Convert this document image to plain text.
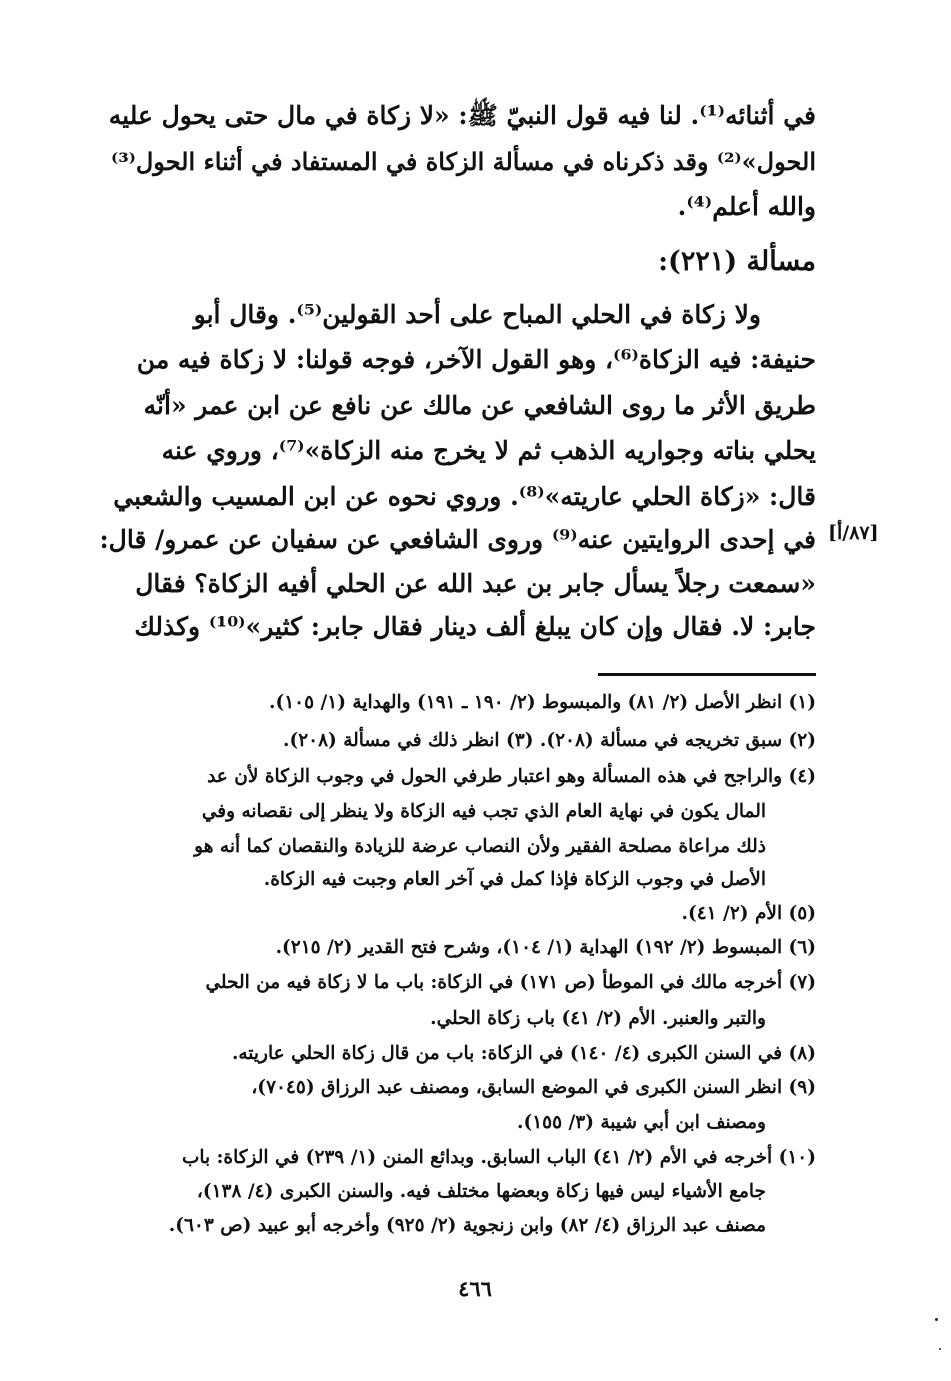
في أثنائه⁽¹⁾. لنا فيه قول النبيّ ﷺ: «لا زكاة في مال حتى يحول عليه
الحول»⁽²⁾ وقد ذكرناه في مسألة الزكاة في المستفاد في أثناء الحول⁽³⁾
والله أعلم⁽⁴⁾.
مسألة (٢٢١):
ولا زكاة في الحلي المباح على أحد القولين⁽⁵⁾. وقال أبو
حنيفة: فيه الزكاة⁽⁶⁾، وهو القول الآخر، فوجه قولنا: لا زكاة فيه من
طريق الأثر ما روى الشافعي عن مالك عن نافع عن ابن عمر «أنّه
يحلي بناته وجواريه الذهب ثم لا يخرج منه الزكاة»⁽⁷⁾، وروي عنه
قال: «زكاة الحلي عاريته»⁽⁸⁾. وروي نحوه عن ابن المسيب والشعبي
في إحدى الروايتين عنه⁽⁹⁾ وروى الشافعي عن سفيان عن عمرو/ قال:
«سمعت رجلاً يسأل جابر بن عبد الله عن الحلي أفيه الزكاة؟ فقال
جابر: لا. فقال وإن كان يبلغ ألف دينار فقال جابر: كثير»⁽¹⁰⁾ وكذلك
[٨٧/أ]
(١) انظر الأصل (٢/ ٨١) والمبسوط (٢/ ١٩٠ ـ ١٩١) والهداية (١/ ١٠٥).
(٢) سبق تخريجه في مسألة (٢٠٨). (٣) انظر ذلك في مسألة (٢٠٨).
(٤) والراجح في هذه المسألة وهو اعتبار طرفي الحول في وجوب الزكاة لأن عد
المال يكون في نهاية العام الذي تجب فيه الزكاة ولا ينظر إلى نقصانه وفي
ذلك مراعاة مصلحة الفقير ولأن النصاب عرضة للزيادة والنقصان كما أنه هو
الأصل في وجوب الزكاة فإذا كمل في آخر العام وجبت فيه الزكاة.
(٥) الأم (٢/ ٤١).
(٦) المبسوط (٢/ ١٩٢) الهداية (١/ ١٠٤)، وشرح فتح القدير (٢/ ٢١٥).
(٧) أخرجه مالك في الموطأ (ص ١٧١) في الزكاة: باب ما لا زكاة فيه من الحلي
والتبر والعنبر. الأم (٢/ ٤١) باب زكاة الحلي.
(٨) في السنن الكبرى (٤/ ١٤٠) في الزكاة: باب من قال زكاة الحلي عاريته.
(٩) انظر السنن الكبرى في الموضع السابق، ومصنف عبد الرزاق (٧٠٤٥)،
ومصنف ابن أبي شيبة (٣/ ١٥٥).
(١٠) أخرجه في الأم (٢/ ٤١) الباب السابق. وبدائع المنن (١/ ٢٣٩) في الزكاة: باب
جامع الأشياء ليس فيها زكاة وبعضها مختلف فيه. والسنن الكبرى (٤/ ١٣٨)،
مصنف عبد الرزاق (٤/ ٨٢) وابن زنجوية (٢/ ٩٢٥) وأخرجه أبو عبيد (ص ٦٠٣).
٤٦٦
